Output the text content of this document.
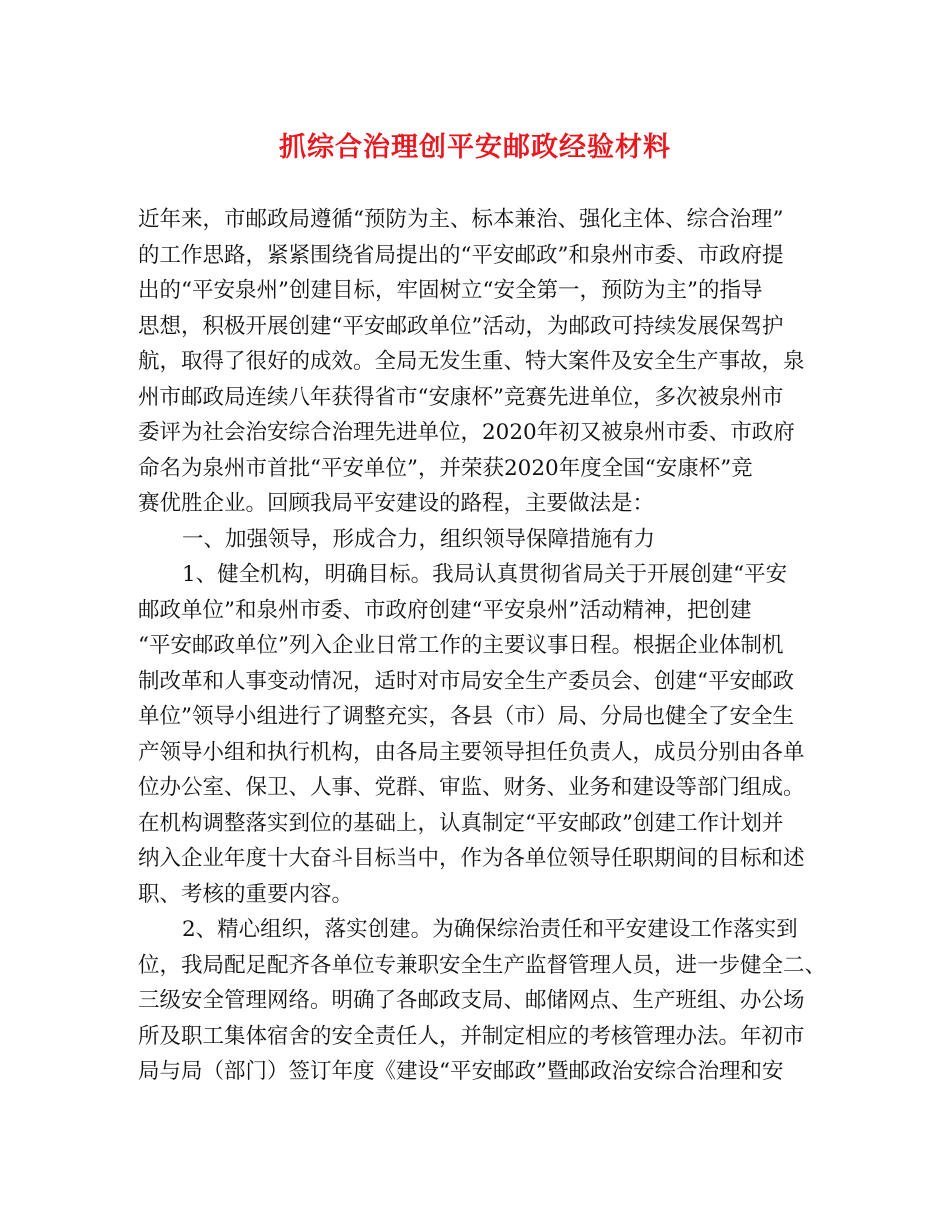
抓综合治理创平安邮政经验材料
近年来，市邮政局遵循“预防为主、标本兼治、强化主体、综合治理”
的工作思路，紧紧围绕省局提出的“平安邮政”和泉州市委、市政府提
出的“平安泉州”创建目标，牢固树立“安全第一，预防为主”的指导
思想，积极开展创建“平安邮政单位”活动，为邮政可持续发展保驾护
航，取得了很好的成效。全局无发生重、特大案件及安全生产事故，泉
州市邮政局连续八年获得省市“安康杯”竞赛先进单位，多次被泉州市
委评为社会治安综合治理先进单位，2020年初又被泉州市委、市政府
命名为泉州市首批“平安单位”，并荣获2020年度全国“安康杯”竞
赛优胜企业。回顾我局平安建设的路程，主要做法是：
一、加强领导，形成合力，组织领导保障措施有力
1、健全机构，明确目标。我局认真贯彻省局关于开展创建“平安
邮政单位”和泉州市委、市政府创建“平安泉州”活动精神，把创建
“平安邮政单位”列入企业日常工作的主要议事日程。根据企业体制机
制改革和人事变动情况，适时对市局安全生产委员会、创建“平安邮政
单位”领导小组进行了调整充实，各县（市）局、分局也健全了安全生
产领导小组和执行机构，由各局主要领导担任负责人，成员分别由各单
位办公室、保卫、人事、党群、审监、财务、业务和建设等部门组成。
在机构调整落实到位的基础上，认真制定“平安邮政”创建工作计划并
纳入企业年度十大奋斗目标当中，作为各单位领导任职期间的目标和述
职、考核的重要内容。
2、精心组织，落实创建。为确保综治责任和平安建设工作落实到
位，我局配足配齐各单位专兼职安全生产监督管理人员，进一步健全二、
三级安全管理网络。明确了各邮政支局、邮储网点、生产班组、办公场
所及职工集体宿舍的安全责任人，并制定相应的考核管理办法。年初市
局与局（部门）签订年度《建设“平安邮政”暨邮政治安综合治理和安
